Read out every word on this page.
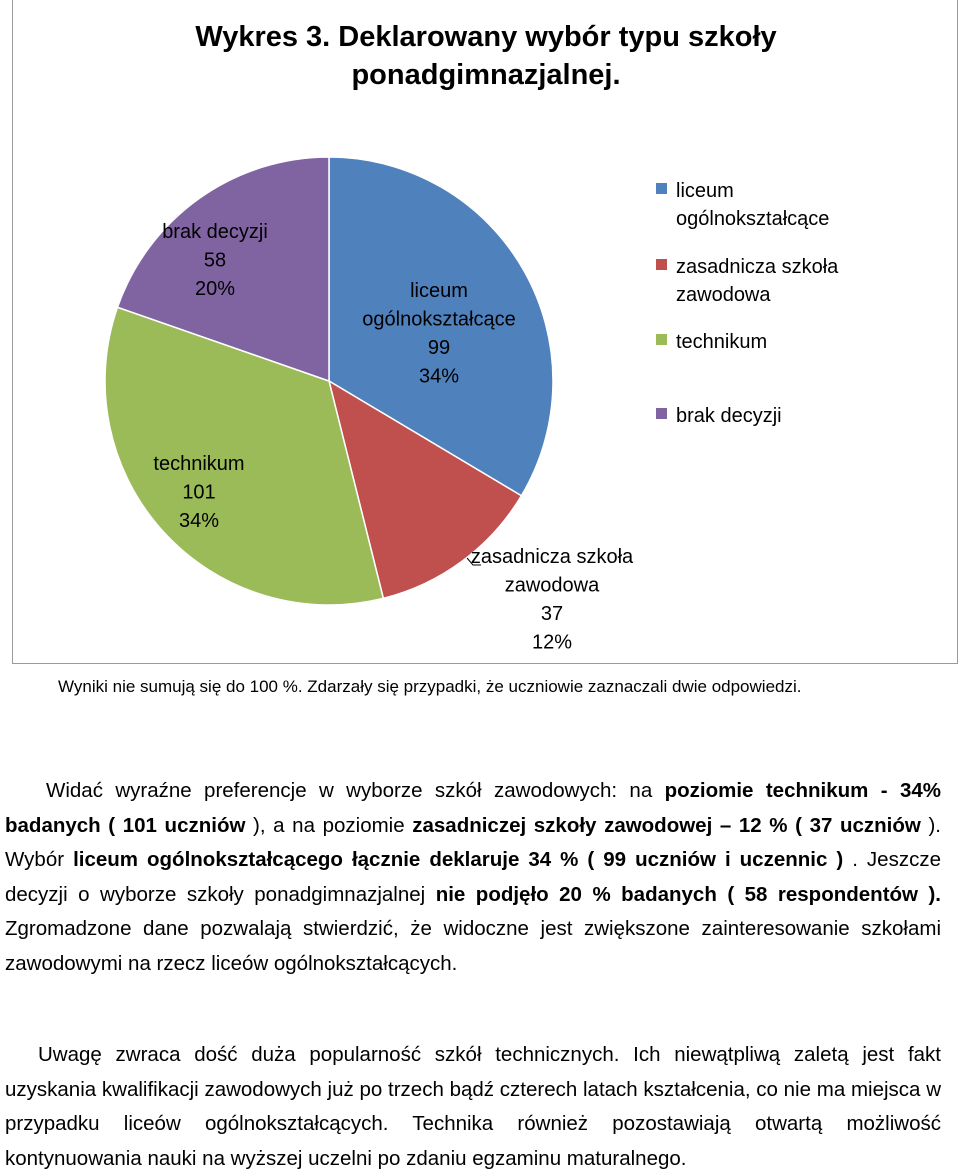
Wykres 3. Deklarowany wybór typu szkoły
ponadgimnazjalnej.
liceum ogólnokształcące 99 34%
zasadnicza szkoła zawodowa 37 12%
technikum 101 34%
brak decyzji 58 20%
liceum ogólnokształcące
zasadnicza szkoła zawodowa
technikum
brak decyzji
Wyniki nie sumują się do 100 %. Zdarzały się przypadki, że uczniowie zaznaczali dwie odpowiedzi.
Widać wyraźne preferencje w wyborze szkół zawodowych: na poziomie technikum - 34% badanych ( 101 uczniów ), a na poziomie zasadniczej szkoły zawodowej – 12 % ( 37 uczniów ). Wybór liceum ogólnokształcącego łącznie deklaruje 34 % ( 99 uczniów i uczennic ) . Jeszcze decyzji o wyborze szkoły ponadgimnazjalnej nie podjęło 20 % badanych ( 58 respondentów ). Zgromadzone dane pozwalają stwierdzić, że widoczne jest zwiększone zainteresowanie szkołami zawodowymi na rzecz liceów ogólnokształcących.
Uwagę zwraca dość duża popularność szkół technicznych. Ich niewątpliwą zaletą jest fakt uzyskania kwalifikacji zawodowych już po trzech bądź czterech latach kształcenia, co nie ma miejsca w przypadku liceów ogólnokształcących. Technika również pozostawiają otwartą możliwość kontynuowania nauki na wyższej uczelni po zdaniu egzaminu maturalnego.
